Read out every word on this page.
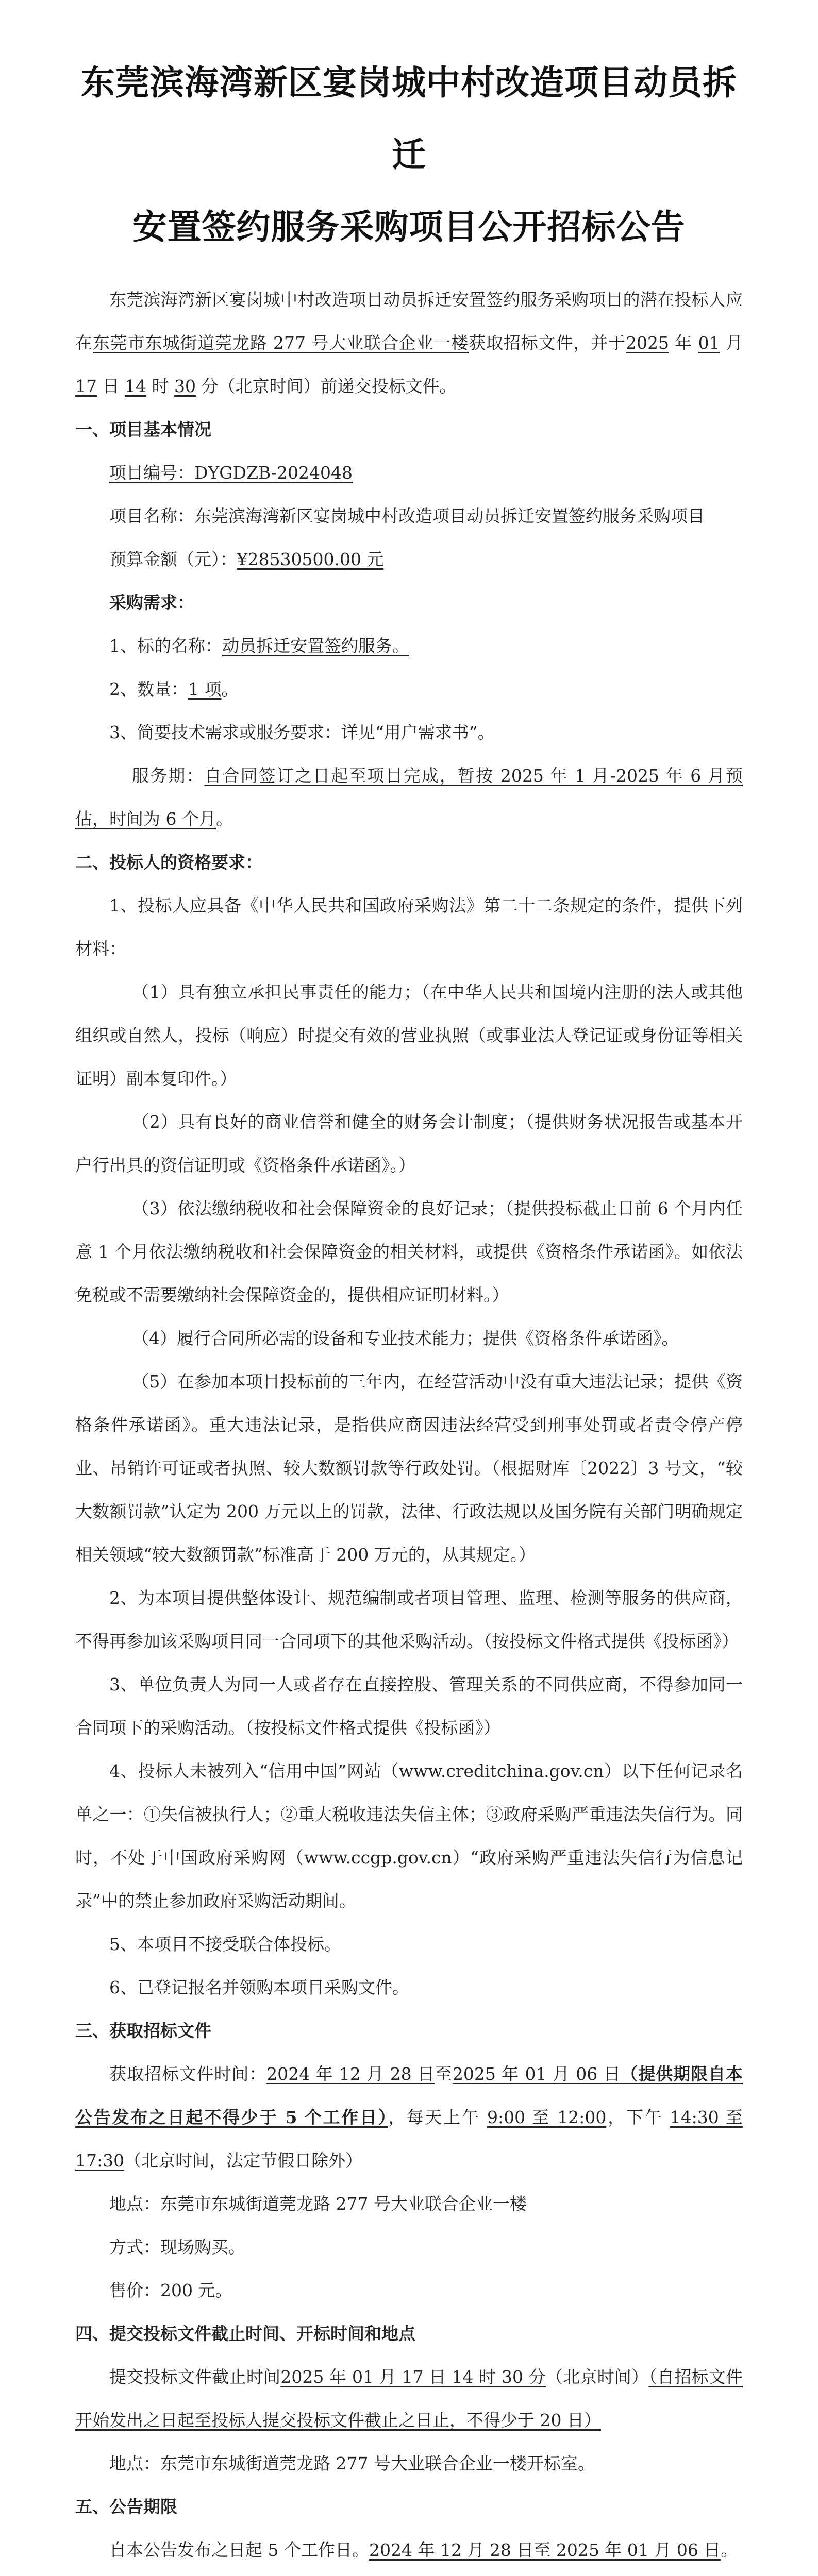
东莞滨海湾新区宴岗城中村改造项目动员拆迁
安置签约服务采购项目公开招标公告

东莞滨海湾新区宴岗城中村改造项目动员拆迁安置签约服务采购项目的潜在投标人应在东莞市东城街道莞龙路 277 号大业联合企业一楼获取招标文件，并于2025 年 01 月 17 日 14 时 30 分（北京时间）前递交投标文件。

一、项目基本情况

项目编号：DYGDZB-2024048

项目名称：东莞滨海湾新区宴岗城中村改造项目动员拆迁安置签约服务采购项目

预算金额（元）：¥28530500.00 元

采购需求：

1、标的名称：动员拆迁安置签约服务。

2、数量：1 项。

3、简要技术需求或服务要求：详见“用户需求书”。

服务期：自合同签订之日起至项目完成，暂按 2025 年 1 月-2025 年 6 月预估，时间为 6 个月。

二、投标人的资格要求：

1、投标人应具备《中华人民共和国政府采购法》第二十二条规定的条件，提供下列材料：

（1）具有独立承担民事责任的能力；（在中华人民共和国境内注册的法人或其他组织或自然人，投标（响应）时提交有效的营业执照（或事业法人登记证或身份证等相关证明）副本复印件。）

（2）具有良好的商业信誉和健全的财务会计制度；（提供财务状况报告或基本开户行出具的资信证明或《资格条件承诺函》。）

（3）依法缴纳税收和社会保障资金的良好记录；（提供投标截止日前 6 个月内任意 1 个月依法缴纳税收和社会保障资金的相关材料，或提供《资格条件承诺函》。如依法免税或不需要缴纳社会保障资金的，提供相应证明材料。）

（4）履行合同所必需的设备和专业技术能力；提供《资格条件承诺函》。

（5）在参加本项目投标前的三年内，在经营活动中没有重大违法记录；提供《资格条件承诺函》。重大违法记录，是指供应商因违法经营受到刑事处罚或者责令停产停业、吊销许可证或者执照、较大数额罚款等行政处罚。（根据财库〔2022〕3 号文，“较大数额罚款”认定为 200 万元以上的罚款，法律、行政法规以及国务院有关部门明确规定相关领域“较大数额罚款”标准高于 200 万元的，从其规定。）

2、为本项目提供整体设计、规范编制或者项目管理、监理、检测等服务的供应商，不得再参加该采购项目同一合同项下的其他采购活动。（按投标文件格式提供《投标函》）

3、单位负责人为同一人或者存在直接控股、管理关系的不同供应商，不得参加同一合同项下的采购活动。（按投标文件格式提供《投标函》）

4、投标人未被列入“信用中国”网站（www.creditchina.gov.cn）以下任何记录名单之一：①失信被执行人；②重大税收违法失信主体；③政府采购严重违法失信行为。同时，不处于中国政府采购网（www.ccgp.gov.cn）“政府采购严重违法失信行为信息记录”中的禁止参加政府采购活动期间。

5、本项目不接受联合体投标。

6、已登记报名并领购本项目采购文件。

三、获取招标文件

获取招标文件时间：2024 年 12 月 28 日至2025 年 01 月 06 日（提供期限自本公告发布之日起不得少于 5 个工作日），每天上午 9:00 至 12:00，下午 14:30 至 17:30（北京时间，法定节假日除外）

地点：东莞市东城街道莞龙路 277 号大业联合企业一楼

方式：现场购买。

售价：200 元。

四、提交投标文件截止时间、开标时间和地点

提交投标文件截止时间2025 年 01 月 17 日 14 时 30 分（北京时间）（自招标文件开始发出之日起至投标人提交投标文件截止之日止，不得少于 20 日）

地点：东莞市东城街道莞龙路 277 号大业联合企业一楼开标室。

五、公告期限

自本公告发布之日起 5 个工作日。2024 年 12 月 28 日至 2025 年 01 月 06 日。
